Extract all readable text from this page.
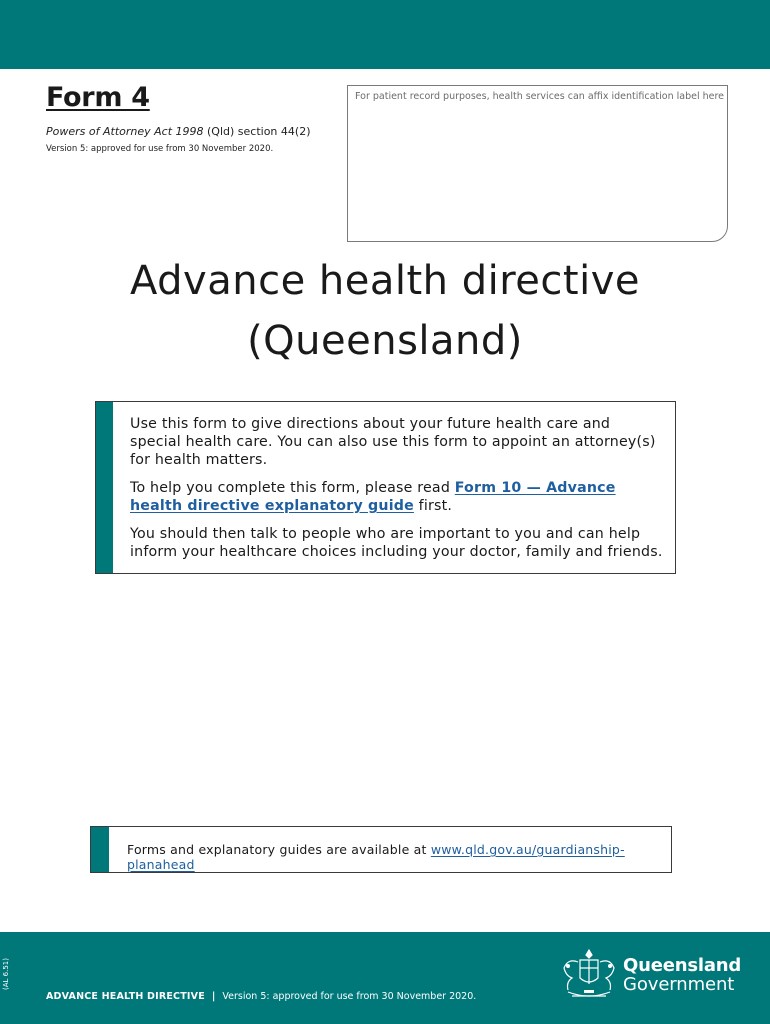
Form 4
Powers of Attorney Act 1998 (Qld) section 44(2)
Version 5: approved for use from 30 November 2020.
For patient record purposes, health services can affix identification label here
Advance health directive
(Queensland)

Use this form to give directions about your future health care and special health care. You can also use this form to appoint an attorney(s) for health matters.

To help you complete this form, please read Form 10 — Advance health directive explanatory guide first.

You should then talk to people who are important to you and can help inform your healthcare choices including your doctor, family and friends.

Forms and explanatory guides are available at www.qld.gov.au/guardianship-planahead
(AL 6.51)
ADVANCE HEALTH DIRECTIVE | Version 5: approved for use from 30 November 2020.
Queensland
Government
